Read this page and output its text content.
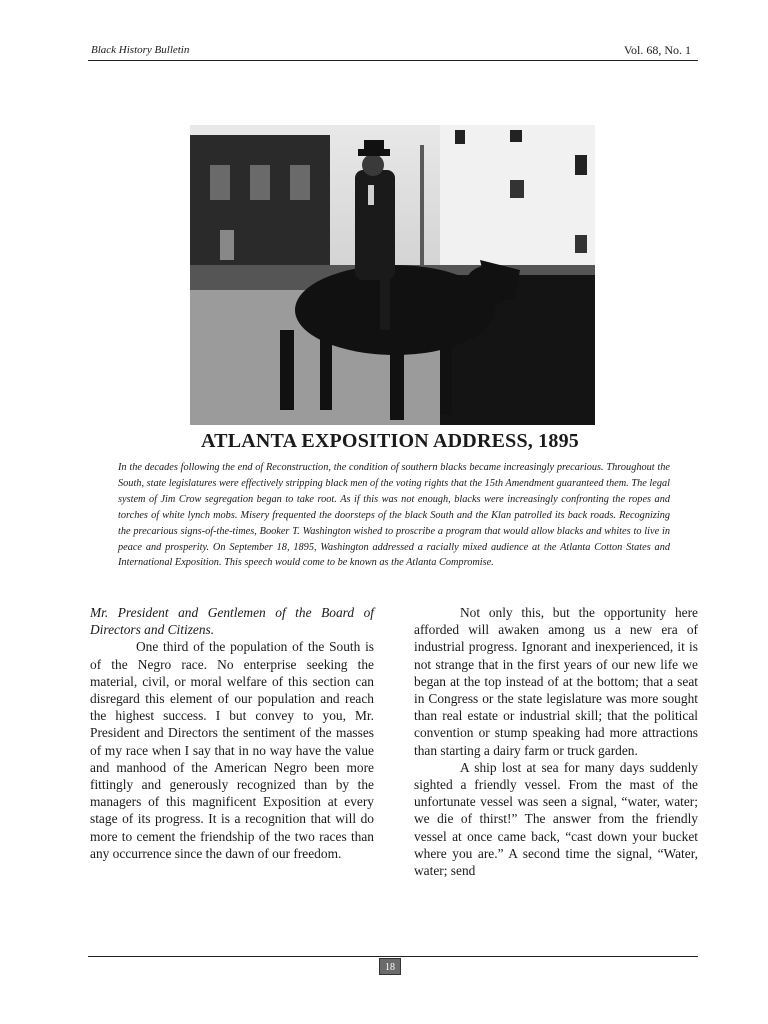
Black History Bulletin	Vol. 68, No. 1
ATLANTA EXPOSITION ADDRESS, 1895

In the decades following the end of Reconstruction, the condition of southern blacks became increasingly precarious. Throughout the South, state legislatures were effectively stripping black men of the voting rights that the 15th Amendment guaranteed them. The legal system of Jim Crow segregation began to take root. As if this was not enough, blacks were increasingly confronting the ropes and torches of white lynch mobs. Misery frequented the doorsteps of the black South and the Klan patrolled its back roads. Recognizing the precarious signs-of-the-times, Booker T. Washington wished to proscribe a program that would allow blacks and whites to live in peace and prosperity. On September 18, 1895, Washington addressed a racially mixed audience at the Atlanta Cotton States and International Exposition. This speech would come to be known as the Atlanta Compromise.

Mr. President and Gentlemen of the Board of Directors and Citizens.

One third of the population of the South is of the Negro race. No enterprise seeking the material, civil, or moral welfare of this section can disregard this element of our population and reach the highest success. I but convey to you, Mr. President and Directors the sentiment of the masses of my race when I say that in no way have the value and manhood of the American Negro been more fittingly and generously recognized than by the managers of this magnificent Exposition at every stage of its progress. It is a recognition that will do more to cement the friendship of the two races than any occurrence since the dawn of our freedom.

Not only this, but the opportunity here afforded will awaken among us a new era of industrial progress. Ignorant and inexperienced, it is not strange that in the first years of our new life we began at the top instead of at the bottom; that a seat in Congress or the state legislature was more sought than real estate or industrial skill; that the political convention or stump speaking had more attractions than starting a dairy farm or truck garden.

A ship lost at sea for many days suddenly sighted a friendly vessel. From the mast of the unfortunate vessel was seen a signal, “water, water; we die of thirst!” The answer from the friendly vessel at once came back, “cast down your bucket where you are.” A second time the signal, “Water, water; send

18
